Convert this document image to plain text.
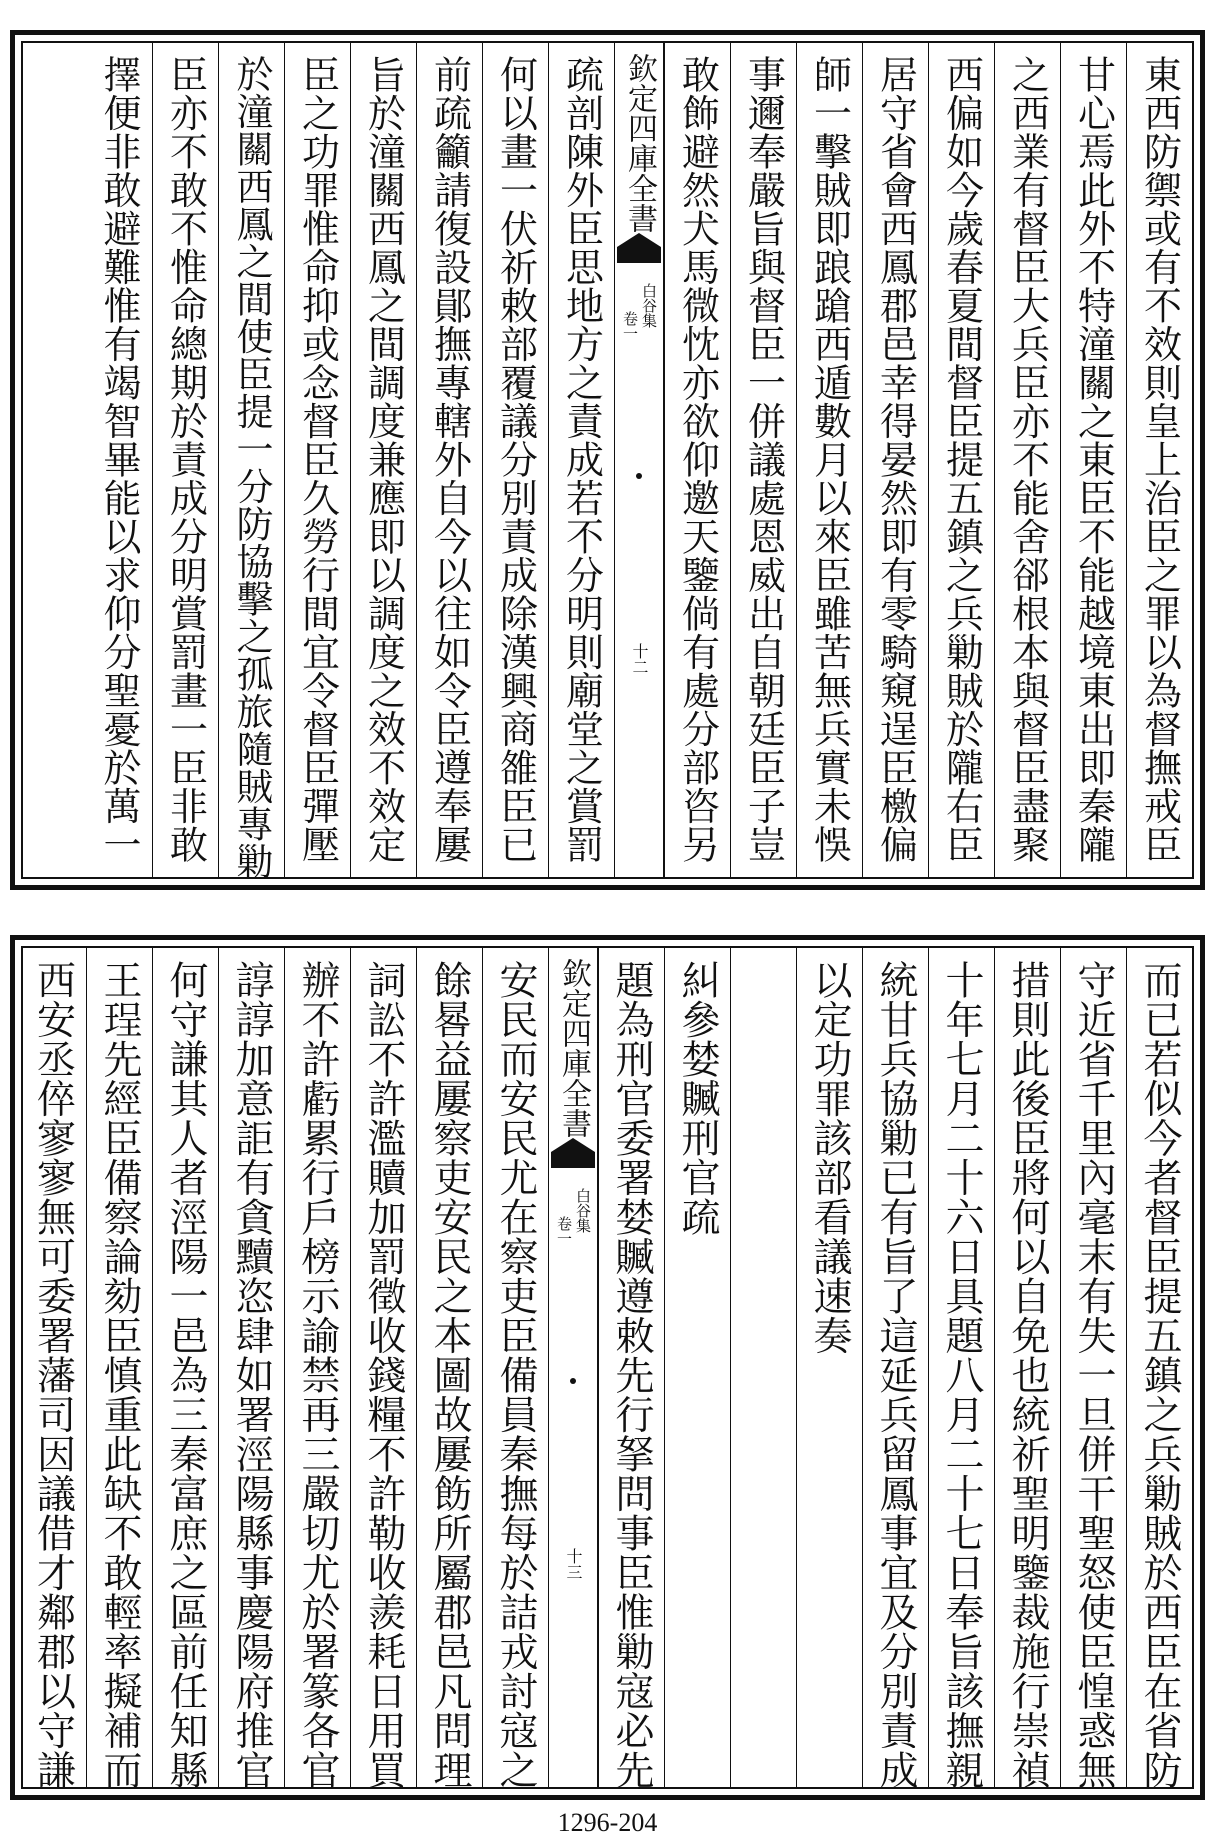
東西防禦或有不效則皇上治臣之罪以為督撫戒臣
甘心焉此外不特潼關之東臣不能越境東出即秦隴
之西業有督臣大兵臣亦不能舍郤根本與督臣盡聚
西偏如今歲春夏間督臣提五鎮之兵勦賊於隴右臣
居守省會西鳳郡邑幸得晏然即有零騎窺逞臣檄偏
師一擊賊即踉蹌西遁數月以來臣雖苦無兵實未悞
事邇奉嚴旨與督臣一併議處恩威出自朝廷臣子豈
敢飾避然犬馬微忱亦欲仰邀天鑒倘有處分部咨另
欽定四庫全書
白谷集
卷一
十二
疏剖陳外臣思地方之責成若不分明則廟堂之賞罰
何以畫一伏祈敕部覆議分別責成除漢興商雒臣已
前疏籲請復設鄖撫專轄外自今以往如令臣遵奉屢
旨於潼關西鳳之間調度兼應即以調度之效不效定
臣之功罪惟命抑或念督臣久勞行間宜令督臣彈壓
於潼關西鳳之間使臣提一分防協擊之孤旅隨賊專勦
臣亦不敢不惟命總期於責成分明賞罰畫一臣非敢
擇便非敢避難惟有竭智畢能以求仰分聖憂於萬一
而已若似今者督臣提五鎮之兵勦賊於西臣在省防
守近省千里內毫末有失一旦併干聖怒使臣惶惑無
措則此後臣將何以自免也統祈聖明鑒裁施行崇禎
十年七月二十六日具題八月二十七日奉旨該撫親
統甘兵協勦已有旨了這延兵留鳳事宜及分別責成
以定功罪該部看議速奏
糾參婪贓刑官疏
題為刑官委署婪贓遵敕先行拏問事臣惟勦寇必先
欽定四庫全書
白谷集
卷一
十三
安民而安民尤在察吏臣備員秦撫每於詰戎討寇之
餘晷益屢察吏安民之本圖故屢飭所屬郡邑凡問理
詞訟不許濫贖加罰徵收錢糧不許勒收羨耗日用買
辦不許虧累行戶榜示諭禁再三嚴切尤於署篆各官
諄諄加意詎有貪黷恣肆如署涇陽縣事慶陽府推官
何守謙其人者涇陽一邑為三秦富庶之區前任知縣
王珵先經臣備察論劾臣慎重此缺不敢輕率擬補而
西安丞倅寥寥無可委署藩司因議借才鄰郡以守謙
1296-204
